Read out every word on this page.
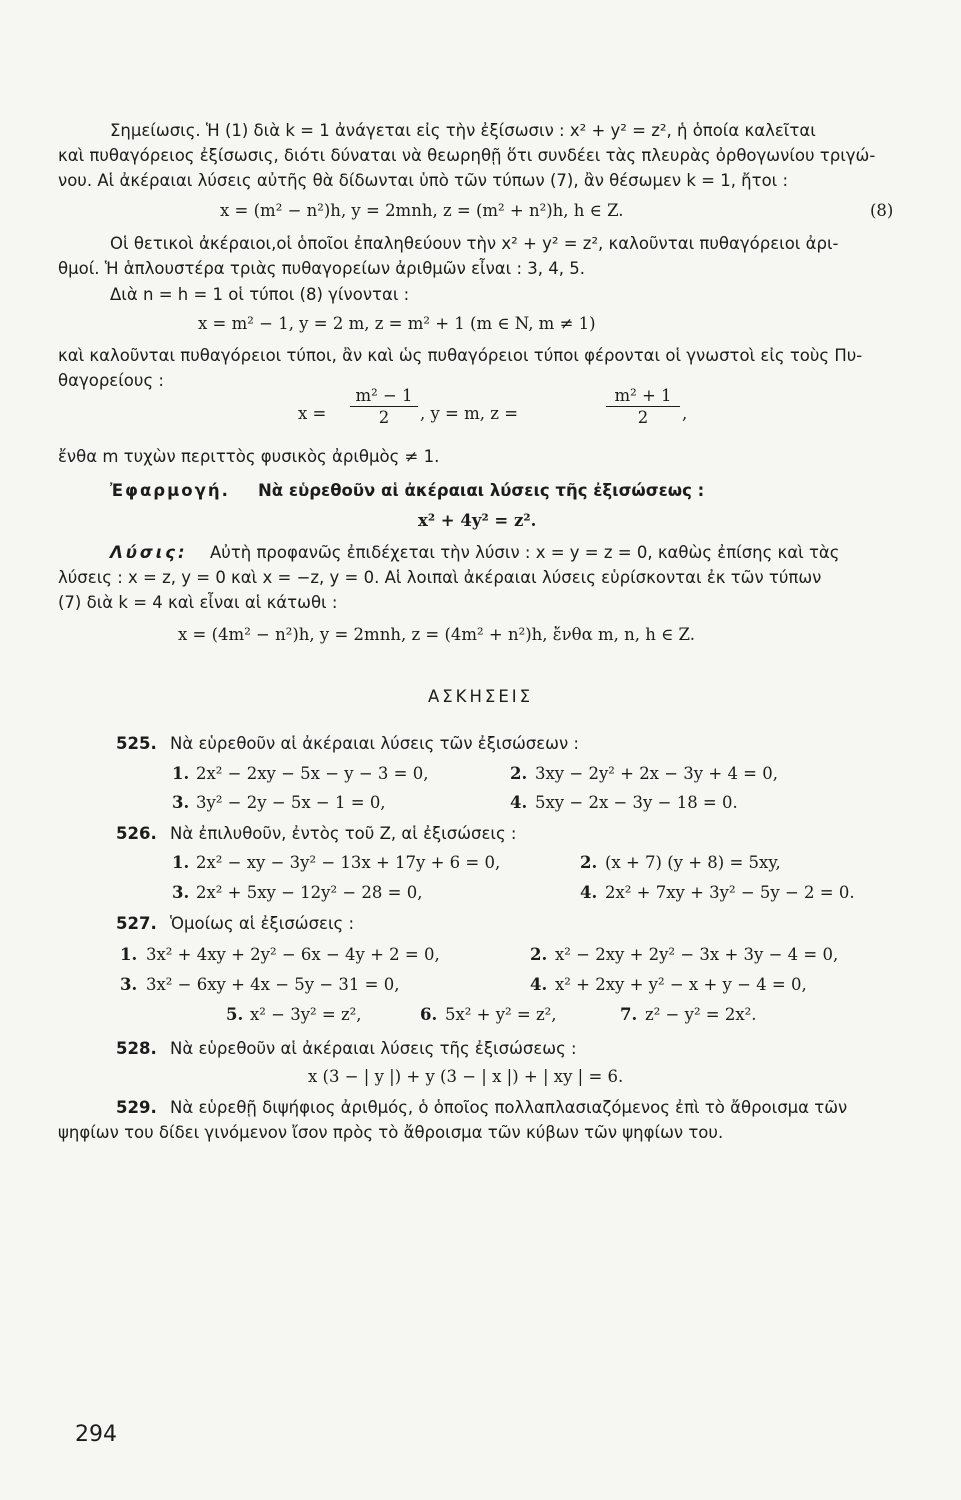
Σημείωσις. Ἡ (1) διὰ k = 1 ἀνάγεται εἰς τὴν ἐξίσωσιν : x² + y² = z², ἡ ὁποία καλεῖται
καὶ πυθαγόρειος ἐξίσωσις, διότι δύναται νὰ θεωρηθῇ ὅτι συνδέει τὰς πλευρὰς ὀρθογωνίου τριγώ-
νου. Αἱ ἀκέραιαι λύσεις αὐτῆς θὰ δίδωνται ὑπὸ τῶν τύπων (7), ἂν θέσωμεν k = 1, ἤτοι :
x = (m² − n²)h, y = 2mnh, z = (m² + n²)h, h ∈ Z.	(8)
Οἱ θετικοὶ ἀκέραιοι,οἱ ὁποῖοι ἐπαληθεύουν τὴν x² + y² = z², καλοῦνται πυθαγόρειοι ἀρι-
θμοί. Ἡ ἁπλουστέρα τριὰς πυθαγορείων ἀριθμῶν εἶναι : 3, 4, 5.
Διὰ n = h = 1 οἱ τύποι (8) γίνονται :
x = m² − 1, y = 2 m, z = m² + 1 (m ∈ N, m ≠ 1)
καὶ καλοῦνται πυθαγόρειοι τύποι, ἂν καὶ ὡς πυθαγόρειοι τύποι φέρονται οἱ γνωστοὶ εἰς τοὺς Πυ-
θαγορείους :
$x = \frac{\text{m² − 1}}{2}$ , y = m, z =	$\frac{\text{m² + 1}}{2}$ ,
ἔνθα m τυχὼν περιττὸς φυσικὸς ἀριθμὸς ≠ 1.
Ἐφαρμογή. Νὰ εὑρεθοῦν αἱ ἀκέραιαι λύσεις τῆς ἐξισώσεως :
x² + 4y² = z².
Λύσις: Αὐτὴ προφανῶς ἐπιδέχεται τὴν λύσιν : x = y = z = 0, καθὼς ἐπίσης καὶ τὰς
λύσεις : x = z, y = 0 καὶ x = −z, y = 0. Αἱ λοιπαὶ ἀκέραιαι λύσεις εὑρίσκονται ἐκ τῶν τύπων
(7) διὰ k = 4 καὶ εἶναι αἱ κάτωθι :
x = (4m² − n²)h, y = 2mnh, z = (4m² + n²)h, ἔνθα m, n, h ∈ Z.
ΑΣΚΗΣΕΙΣ
525. Νὰ εὑρεθοῦν αἱ ἀκέραιαι λύσεις τῶν ἐξισώσεων :
1. 2x² − 2xy − 5x − y − 3 = 0,	2. 3xy − 2y² + 2x − 3y + 4 = 0,
3. 3y² − 2y − 5x − 1 = 0,	4. 5xy − 2x − 3y − 18 = 0.
526. Νὰ ἐπιλυθοῦν, ἐντὸς τοῦ Z, αἱ ἐξισώσεις :
1. 2x² − xy − 3y² − 13x + 17y + 6 = 0,	2. (x + 7) (y + 8) = 5xy,
3. 2x² + 5xy − 12y² − 28 = 0,	4. 2x² + 7xy + 3y² − 5y − 2 = 0.
527. Ὁμοίως αἱ ἐξισώσεις :
1. 3x² + 4xy + 2y² − 6x − 4y + 2 = 0,	2. x² − 2xy + 2y² − 3x + 3y − 4 = 0,
3. 3x² − 6xy + 4x − 5y − 31 = 0,	4. x² + 2xy + y² − x + y − 4 = 0,
5. x² − 3y² = z²,	6. 5x² + y² = z²,	7. z² − y² = 2x².
528. Νὰ εὑρεθοῦν αἱ ἀκέραιαι λύσεις τῆς ἐξισώσεως :
x (3 − | y |) + y (3 − | x |) + | xy | = 6.
529. Νὰ εὑρεθῇ διψήφιος ἀριθμός, ὁ ὁποῖος πολλαπλασιαζόμενος ἐπὶ τὸ ἄθροισμα τῶν
ψηφίων του δίδει γινόμενον ἴσον πρὸς τὸ ἄθροισμα τῶν κύβων τῶν ψηφίων του.
294
